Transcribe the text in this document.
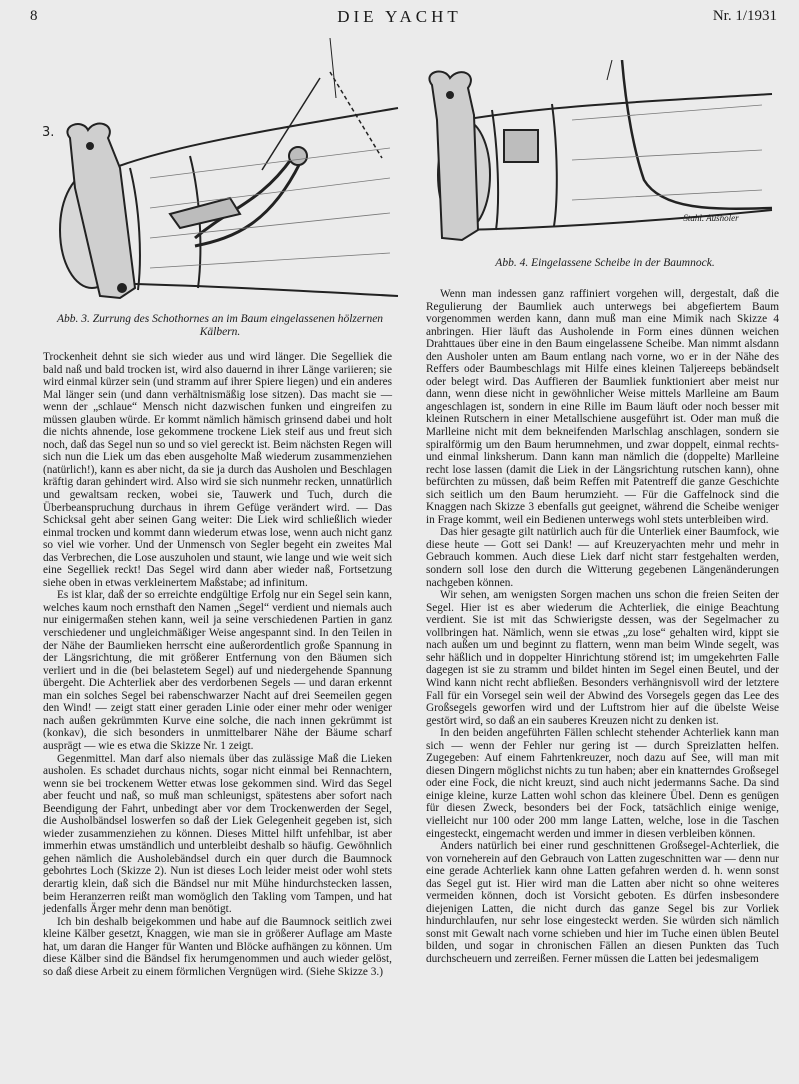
8	DIE YACHT	Nr. 1/1931
3.
Abb. 3. Zurrung des Schothornes an im Baum eingelassenen hölzernen Kälbern.
Stahl. Ausholer
Abb. 4. Eingelassene Scheibe in der Baumnock.

Trockenheit dehnt sie sich wieder aus und wird länger. Die Segelliek die bald naß und bald trocken ist, wird also dauernd in ihrer Länge variieren; sie wird einmal kürzer sein (und stramm auf ihrer Spiere liegen) und ein anderes Mal länger sein (und dann verhältnismäßig lose sitzen). Das macht sie — wenn der „schlaue“ Mensch nicht dazwischen funken und eingreifen zu müssen glauben würde. Er kommt nämlich hämisch grinsend dabei und holt die nichts ahnende, lose gekommene trockene Liek steif aus und freut sich noch, daß das Segel nun so und so viel gereckt ist. Beim nächsten Regen will sich nun die Liek um das eben ausgeholte Maß wiederum zusammenziehen (natürlich!), kann es aber nicht, da sie ja durch das Ausholen und Beschlagen kräftig daran gehindert wird. Also wird sie sich nunmehr recken, unnatürlich und gewaltsam recken, wobei sie, Tauwerk und Tuch, durch die Überbeanspruchung durchaus in ihrem Gefüge verändert wird. — Das Schicksal geht aber seinen Gang weiter: Die Liek wird schließlich wieder einmal trocken und kommt dann wiederum etwas lose, wenn auch nicht ganz so viel wie vorher. Und der Unmensch von Segler begeht ein zweites Mal das Verbrechen, die Lose auszuholen und staunt, wie lange und wie weit sich eine Segelliek reckt! Das Segel wird dann aber wieder naß, Fortsetzung siehe oben in etwas verkleinertem Maßstabe; ad infinitum.

Es ist klar, daß der so erreichte endgültige Erfolg nur ein Segel sein kann, welches kaum noch ernsthaft den Namen „Segel“ verdient und niemals auch nur einigermaßen stehen kann, weil ja seine verschiedenen Partien in ganz verschiedener und ungleichmäßiger Weise angespannt sind. In den Teilen in der Nähe der Baumlieken herrscht eine außerordentlich große Spannung in der Längsrichtung, die mit größerer Entfernung von den Bäumen sich verliert und in die (bei belastetem Segel) auf und niedergehende Spannung übergeht. Die Achterliek aber des verdorbenen Segels — und daran erkennt man ein solches Segel bei rabenschwarzer Nacht auf drei Seemeilen gegen den Wind! — zeigt statt einer geraden Linie oder einer mehr oder weniger nach außen gekrümmten Kurve eine solche, die nach innen gekrümmt ist (konkav), die sich besonders in unmittelbarer Nähe der Bäume scharf ausprägt — wie es etwa die Skizze Nr. 1 zeigt.

Gegenmittel. Man darf also niemals über das zulässige Maß die Lieken ausholen. Es schadet durchaus nichts, sogar nicht einmal bei Rennachtern, wenn sie bei trockenem Wetter etwas lose gekommen sind. Wird das Segel aber feucht und naß, so muß man schleunigst, spätestens aber sofort nach Beendigung der Fahrt, unbedingt aber vor dem Trockenwerden der Segel, die Ausholbändsel loswerfen so daß der Liek Gelegenheit gegeben ist, sich wieder zusammenziehen zu können. Dieses Mittel hilft unfehlbar, ist aber immerhin etwas umständlich und unterbleibt deshalb so häufig. Gewöhnlich gehen nämlich die Ausholebändsel durch ein quer durch die Baumnock gebohrtes Loch (Skizze 2). Nun ist dieses Loch leider meist oder wohl stets derartig klein, daß sich die Bändsel nur mit Mühe hindurchstecken lassen, beim Heranzerren reißt man womöglich den Takling vom Tampen, und hat jedenfalls Ärger mehr denn man benötigt.

Ich bin deshalb beigekommen und habe auf die Baumnock seitlich zwei kleine Kälber gesetzt, Knaggen, wie man sie in größerer Auflage am Maste hat, um daran die Hanger für Wanten und Blöcke aufhängen zu können. Um diese Kälber sind die Bändsel fix herumgenommen und auch wieder gelöst, so daß diese Arbeit zu einem förmlichen Vergnügen wird. (Siehe Skizze 3.)

Wenn man indessen ganz raffiniert vorgehen will, dergestalt, daß die Regulierung der Baumliek auch unterwegs bei abgefiertem Baum vorgenommen werden kann, dann muß man eine Mimik nach Skizze 4 anbringen. Hier läuft das Ausholende in Form eines dünnen weichen Drahttaues über eine in den Baum eingelassene Scheibe. Man nimmt alsdann den Ausholer unten am Baum entlang nach vorne, wo er in der Nähe des Reffers oder Baumbeschlags mit Hilfe eines kleinen Taljereeps bebändselt oder belegt wird. Das Auffieren der Baumliek funktioniert aber meist nur dann, wenn diese nicht in gewöhnlicher Weise mittels Marlleine am Baum angeschlagen ist, sondern in eine Rille im Baum läuft oder noch besser mit kleinen Rutschern in einer Metallschiene ausgeführt ist. Oder man muß die Marlleine nicht mit dem bekneifenden Marlschlag anschlagen, sondern sie spiralförmig um den Baum herumnehmen, und zwar doppelt, einmal rechts- und einmal linksherum. Dann kann man nämlich die (doppelte) Marlleine recht lose lassen (damit die Liek in der Längsrichtung rutschen kann), ohne befürchten zu müssen, daß beim Reffen mit Patentreff die ganze Geschichte sich seitlich um den Baum herumzieht. — Für die Gaffelnock sind die Knaggen nach Skizze 3 ebenfalls gut geeignet, während die Scheibe weniger in Frage kommt, weil ein Bedienen unterwegs wohl stets unterbleiben wird.

Das hier gesagte gilt natürlich auch für die Unterliek einer Baumfock, wie diese heute — Gott sei Dank! — auf Kreuzeryachten mehr und mehr in Gebrauch kommen. Auch diese Liek darf nicht starr festgehalten werden, sondern soll lose den durch die Witterung gegebenen Längenänderungen nachgeben können.

Wir sehen, am wenigsten Sorgen machen uns schon die freien Seiten der Segel. Hier ist es aber wiederum die Achterliek, die einige Beachtung verdient. Sie ist mit das Schwierigste dessen, was der Segelmacher zu vollbringen hat. Nämlich, wenn sie etwas „zu lose“ gehalten wird, kippt sie nach außen um und beginnt zu flattern, wenn man beim Winde segelt, was sehr häßlich und in doppelter Hinrichtung störend ist; im umgekehrten Falle dagegen ist sie zu stramm und bildet hinten im Segel einen Beutel, und der Wind kann nicht recht abfließen. Besonders verhängnisvoll wird der letztere Fall für ein Vorsegel sein weil der Abwind des Vorsegels gegen das Lee des Großsegels geworfen wird und der Luftstrom hier auf die übelste Weise gestört wird, so daß an ein sauberes Kreuzen nicht zu denken ist.

In den beiden angeführten Fällen schlecht stehender Achterliek kann man sich — wenn der Fehler nur gering ist — durch Spreizlatten helfen. Zugegeben: Auf einem Fahrtenkreuzer, noch dazu auf See, will man mit diesen Dingern möglichst nichts zu tun haben; aber ein knatterndes Großsegel oder eine Fock, die nicht kreuzt, sind auch nicht jedermanns Sache. Da sind einige kleine, kurze Latten wohl schon das kleinere Übel. Denn es genügen für diesen Zweck, besonders bei der Fock, tatsächlich einige wenige, vielleicht nur 100 oder 200 mm lange Latten, welche, lose in die Taschen eingesteckt, eingemacht werden und immer in diesen verbleiben können.

Anders natürlich bei einer rund geschnittenen Großsegel-Achterliek, die von vorneherein auf den Gebrauch von Latten zugeschnitten war — denn nur eine gerade Achterliek kann ohne Latten gefahren werden d. h. wenn sonst das Segel gut ist. Hier wird man die Latten aber nicht so ohne weiteres vermeiden können, doch ist Vorsicht geboten. Es dürfen insbesondere diejenigen Latten, die nicht durch das ganze Segel bis zur Vorliek hindurchlaufen, nur sehr lose eingesteckt werden. Sie würden sich nämlich sonst mit Gewalt nach vorne schieben und hier im Tuche einen üblen Beutel bilden, und sogar in chronischen Fällen an diesen Punkten das Tuch durchscheuern und zerreißen. Ferner müssen die Latten bei jedesmaligem
